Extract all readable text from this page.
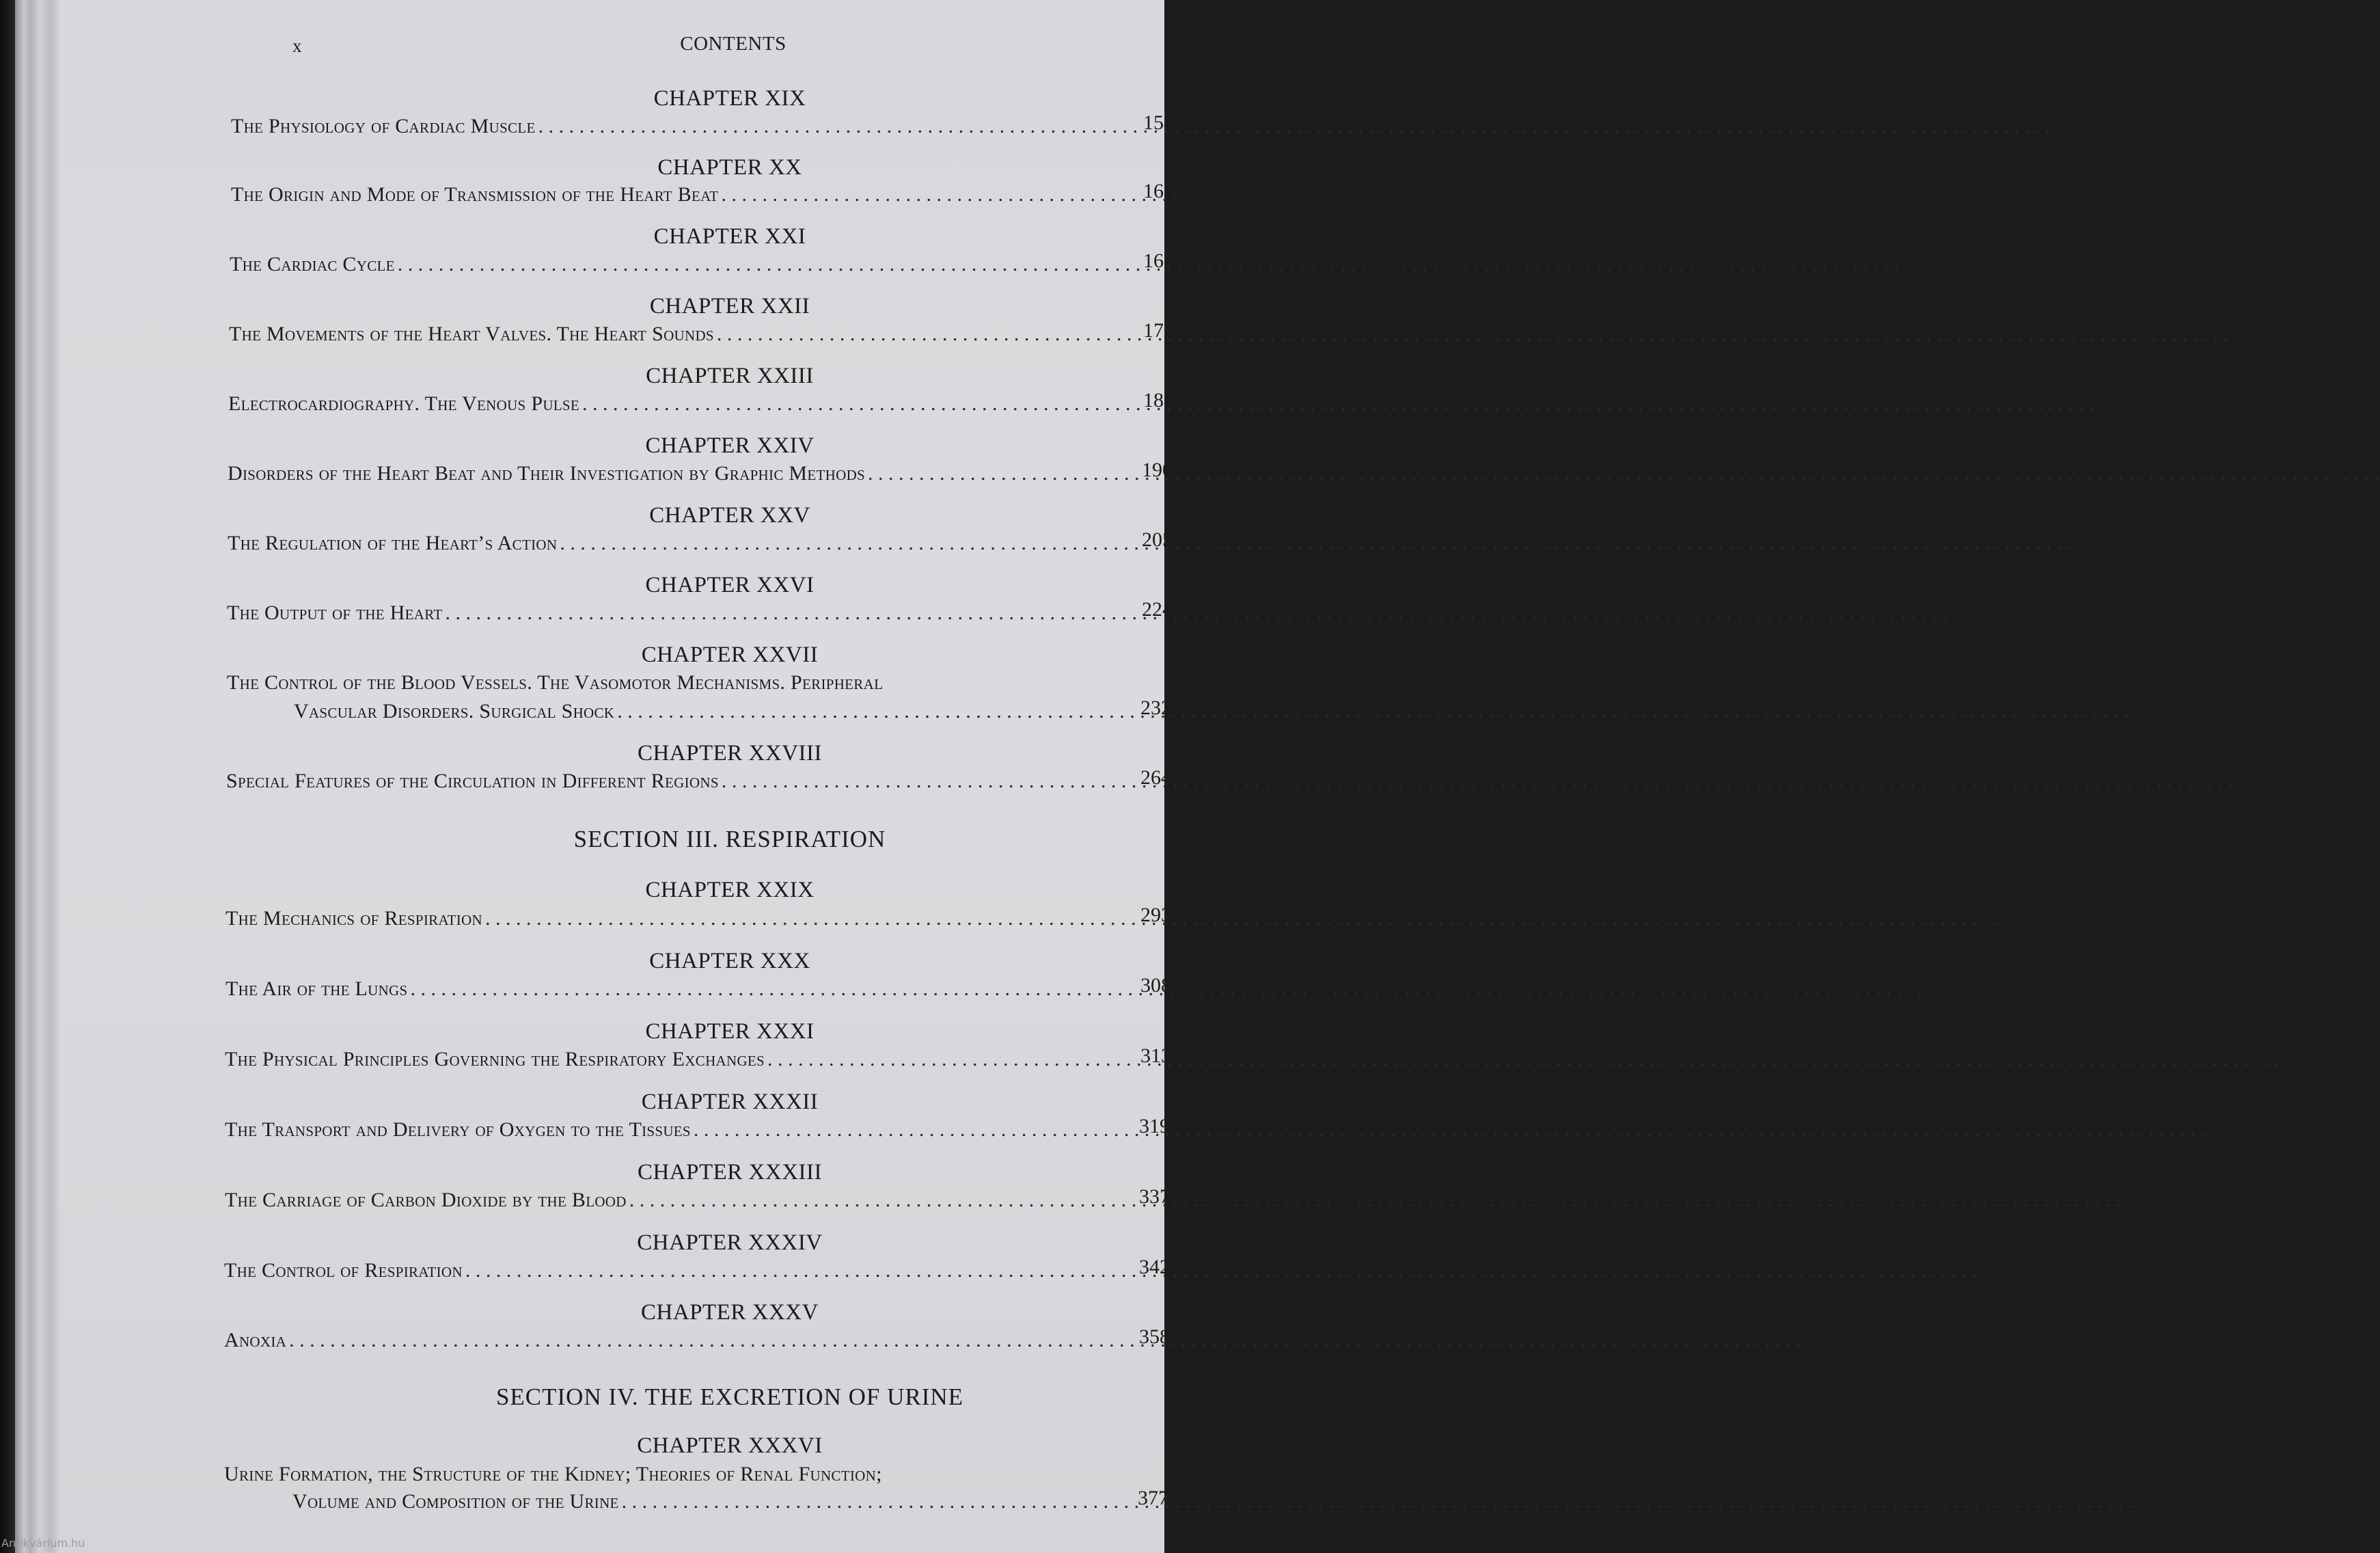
x	CONTENTS
CHAPTER XIX
The Physiology of Cardiac Muscle . . .	154
CHAPTER XX
The Origin and Mode of Transmission of the Heart Beat . . .	161
CHAPTER XXI
The Cardiac Cycle . . .	168
CHAPTER XXII
The Movements of the Heart Valves. The Heart Sounds . . .	175
CHAPTER XXIII
Electrocardiography. The Venous Pulse . . .	180
CHAPTER XXIV
Disorders of the Heart Beat and Their Investigation by Graphic Methods . . .	190
CHAPTER XXV
The Regulation of the Heart’s Action . . .	205
CHAPTER XXVI
The Output of the Heart . . .	224
CHAPTER XXVII
The Control of the Blood Vessels. The Vasomotor Mechanisms. Peripheral
Vascular Disorders. Surgical Shock . . .	232
CHAPTER XXVIII
Special Features of the Circulation in Different Regions . . .	264
SECTION III. RESPIRATION
CHAPTER XXIX
The Mechanics of Respiration . . .	293
CHAPTER XXX
The Air of the Lungs . . .	308
CHAPTER XXXI
The Physical Principles Governing the Respiratory Exchanges . . .	313
CHAPTER XXXII
The Transport and Delivery of Oxygen to the Tissues . . .	319
CHAPTER XXXIII
The Carriage of Carbon Dioxide by the Blood . . .	337
CHAPTER XXXIV
The Control of Respiration . . .	342
CHAPTER XXXV
Anoxia . . .	358
SECTION IV. THE EXCRETION OF URINE
CHAPTER XXXVI
Urine Formation, the Structure of the Kidney; Theories of Renal Function;
Volume and Composition of the Urine . . .	377
Antikvárium.hu
